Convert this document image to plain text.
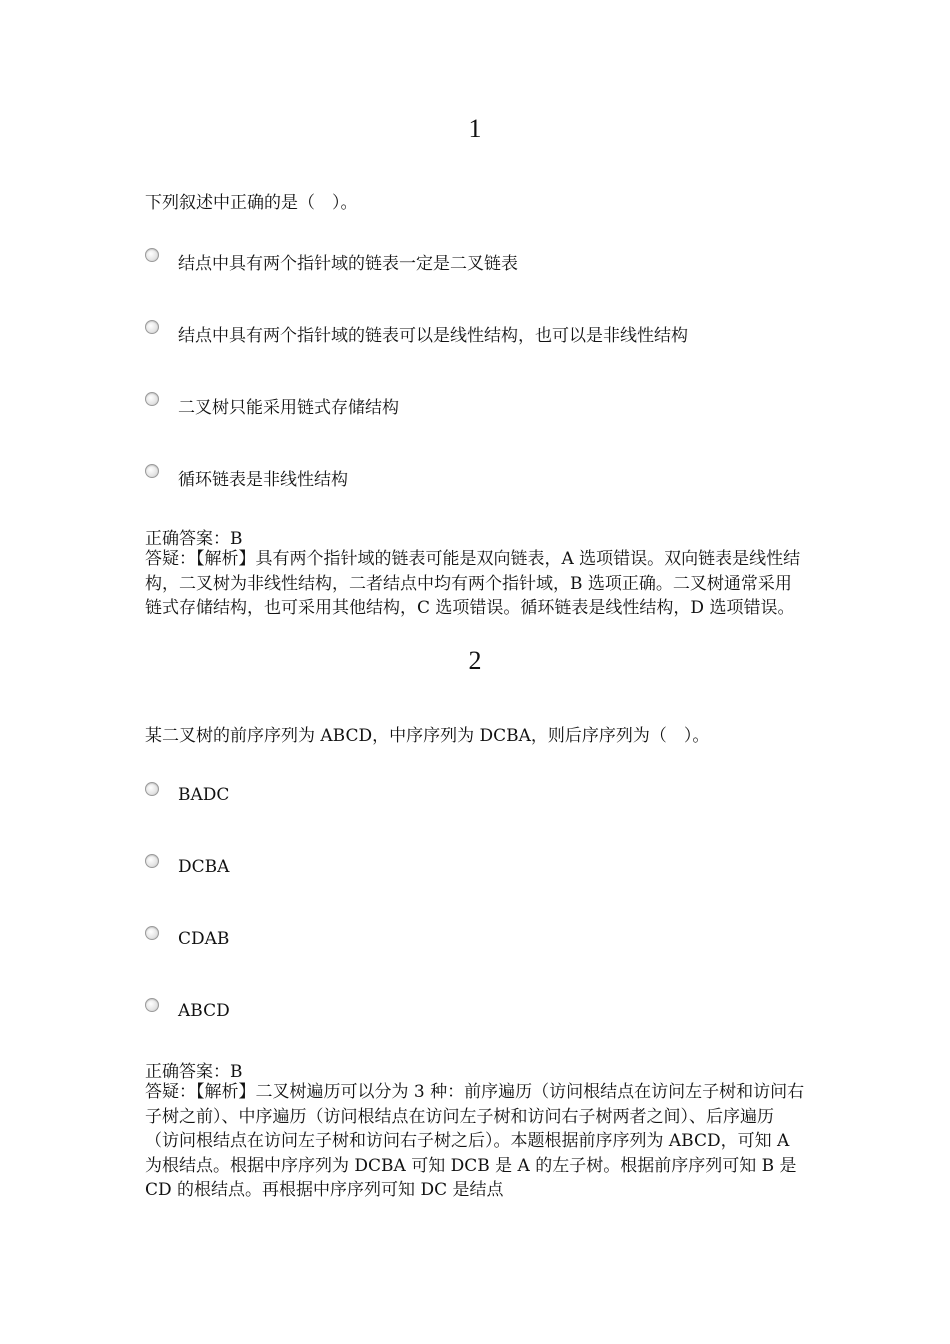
1
下列叙述中正确的是（　）。
结点中具有两个指针域的链表一定是二叉链表
结点中具有两个指针域的链表可以是线性结构，也可以是非线性结构
二叉树只能采用链式存储结构
循环链表是非线性结构
正确答案：B
答疑：【解析】具有两个指针域的链表可能是双向链表，A 选项错误。双向链表是线性结构，二叉树为非线性结构，二者结点中均有两个指针域，B 选项正确。二叉树通常采用链式存储结构，也可采用其他结构，C 选项错误。循环链表是线性结构，D 选项错误。
2
某二叉树的前序序列为 ABCD，中序序列为 DCBA，则后序序列为（　）。
BADC
DCBA
CDAB
ABCD
正确答案：B
答疑：【解析】二叉树遍历可以分为 3 种：前序遍历（访问根结点在访问左子树和访问右子树之前）、中序遍历（访问根结点在访问左子树和访问右子树两者之间）、后序遍历（访问根结点在访问左子树和访问右子树之后）。本题根据前序序列为 ABCD，可知 A 为根结点。根据中序序列为 DCBA 可知 DCB 是 A 的左子树。根据前序序列可知 B 是 CD 的根结点。再根据中序序列可知 DC 是结点
